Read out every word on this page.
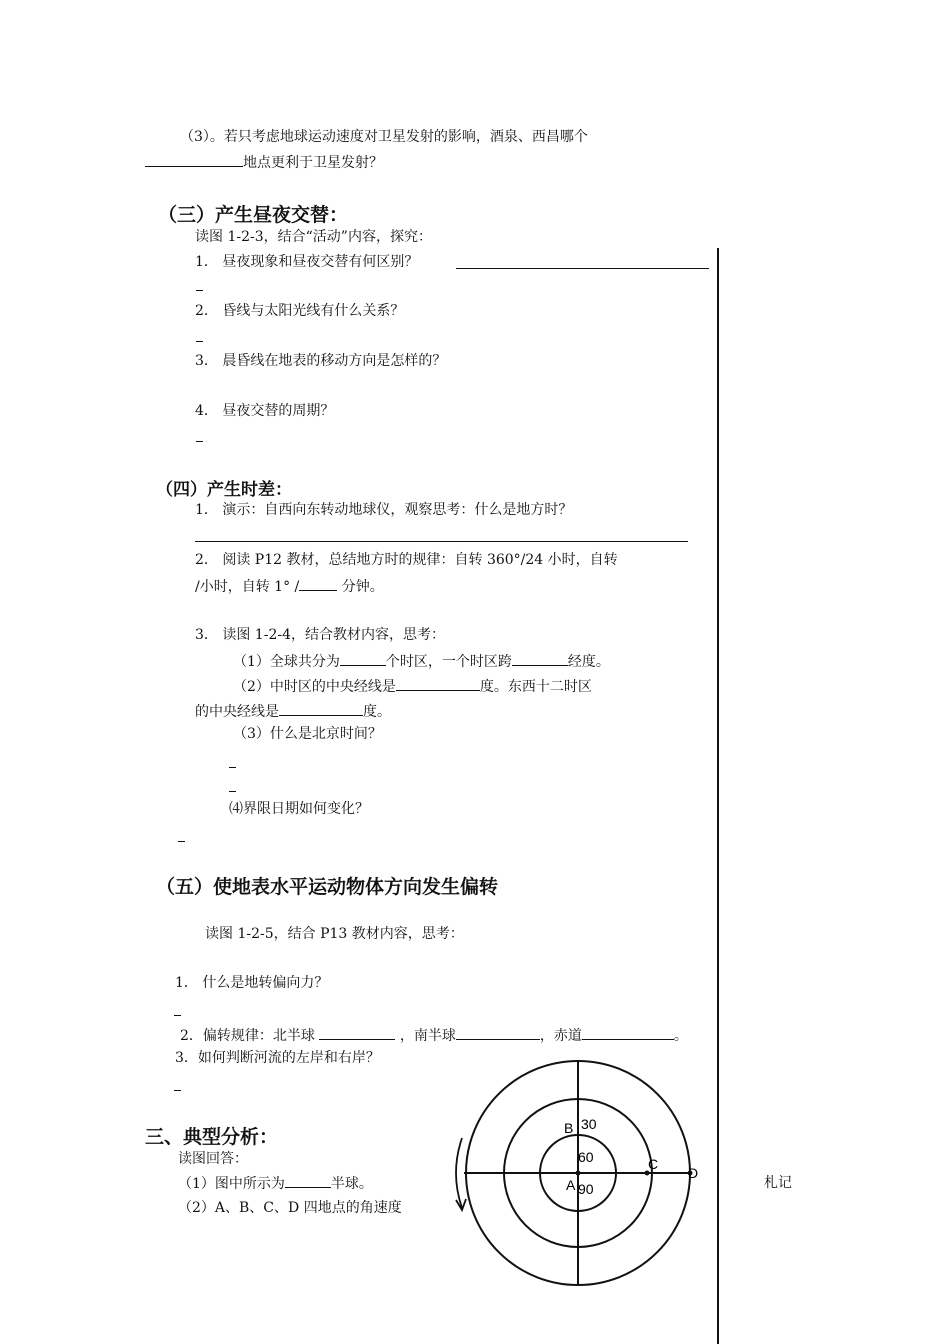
（3）。若只考虑地球运动速度对卫星发射的影响，酒泉、西昌哪个
地点更利于卫星发射？
（三）产生昼夜交替：
读图 1-2-3，结合“活动”内容，探究：
1． 昼夜现象和昼夜交替有何区别？
2． 昏线与太阳光线有什么关系？
3． 晨昏线在地表的移动方向是怎样的？
4． 昼夜交替的周期？
（四）产生时差：
1． 演示：自西向东转动地球仪，观察思考：什么是地方时？
2． 阅读 P12 教材，总结地方时的规律：自转 360°/24 小时，自转
/小时，自转 1° /	分钟。
3． 读图 1-2-4，结合教材内容，思考：
（1）全球共分为	个时区，一个时区跨	经度。
（2）中时区的中央经线是	度。东西十二时区
的中央经线是	度。
（3）什么是北京时间？
⑷界限日期如何变化？
（五）使地表水平运动物体方向发生偏转
读图 1-2-5，结合 P13 教材内容，思考：
1． 什么是地转偏向力？
2．偏转规律：北半球	，南半球	，赤道	。
3．如何判断河流的左岸和右岸？
三、典型分析：
读图回答：
（1）图中所示为	半球。
（2）A、B、C、D 四地点的角速度
札记
B 30
60
A 90
C
D
